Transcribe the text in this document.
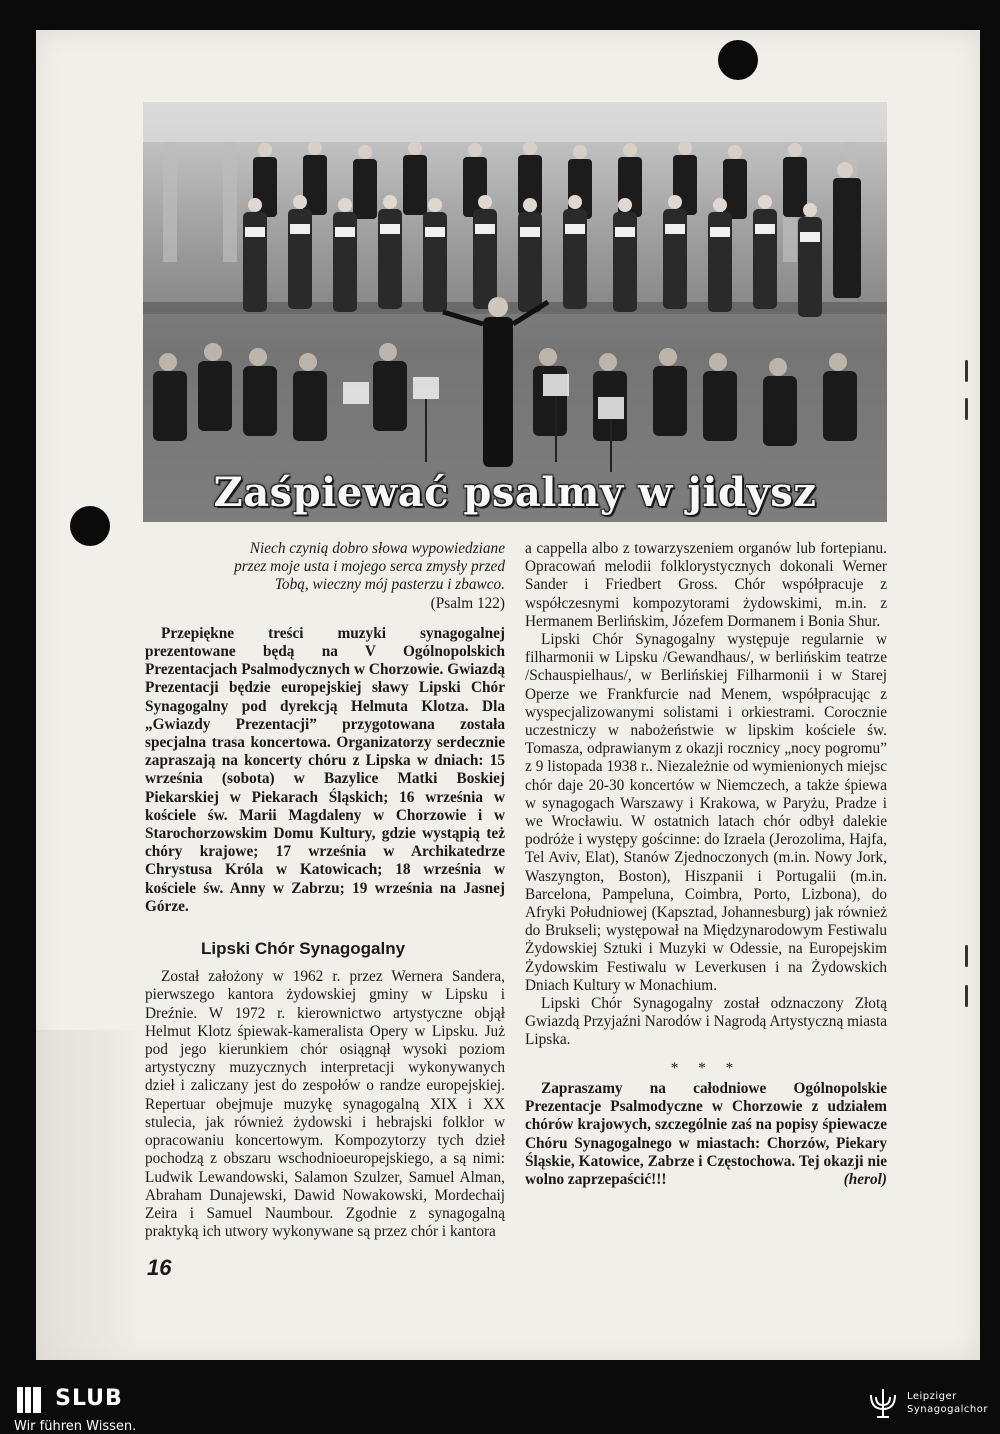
Zaśpiewać psalmy w jidysz
Niech czynią dobro słowa wypowiedziane
przez moje usta i mojego serca zmysły przed
Tobą, wieczny mój pasterzu i zbawco.
(Psalm 122)

Przepiękne treści muzyki synagogalnej prezentowane będą na V Ogólnopolskich Prezentacjach Psalmodycznych w Chorzowie. Gwiazdą Prezentacji będzie europejskiej sławy Lipski Chór Synagogalny pod dyrekcją Helmuta Klotza. Dla „Gwiazdy Prezentacji” przygotowana została specjalna trasa koncertowa. Organizatorzy serdecznie zapraszają na koncerty chóru z Lipska w dniach: 15 września (sobota) w Bazylice Matki Boskiej Piekarskiej w Piekarach Śląskich; 16 września w kościele św. Marii Magdaleny w Chorzowie i w Starochorzowskim Domu Kultury, gdzie wystąpią też chóry krajowe; 17 września w Archikatedrze Chrystusa Króla w Katowicach; 18 września w kościele św. Anny w Zabrzu; 19 września na Jasnej Górze.

Lipski Chór Synagogalny

Został założony w 1962 r. przez Wernera Sandera, pierwszego kantora żydowskiej gminy w Lipsku i Dreźnie. W 1972 r. kierownictwo artystyczne objął Helmut Klotz śpiewak-kameralista Opery w Lipsku. Już pod jego kierunkiem chór osiągnął wysoki poziom artystyczny muzycznych interpretacji wykonywanych dzieł i zaliczany jest do zespołów o randze europejskiej. Repertuar obejmuje muzykę synagogalną XIX i XX stulecia, jak również żydowski i hebrajski folklor w opracowaniu koncertowym. Kompozytorzy tych dzieł pochodzą z obszaru wschodnioeuropejskiego, a są nimi: Ludwik Lewandowski, Salamon Szulzer, Samuel Alman, Abraham Dunajewski, Dawid Nowakowski, Mordechaij Zeira i Samuel Naumbour. Zgodnie z synagogalną praktyką ich utwory wykonywane są przez chór i kantora

a cappella albo z towarzyszeniem organów lub fortepianu. Opracowań melodii folklorystycznych dokonali Werner Sander i Friedbert Gross. Chór współpracuje z współczesnymi kompozytorami żydowskimi, m.in. z Hermanem Berlińskim, Józefem Dormanem i Bonia Shur.

Lipski Chór Synagogalny występuje regularnie w filharmonii w Lipsku /Gewandhaus/, w berlińskim teatrze /Schauspielhaus/, w Berlińskiej Filharmonii i w Starej Operze we Frankfurcie nad Menem, współpracując z wyspecjalizowanymi solistami i orkiestrami. Corocznie uczestniczy w nabożeństwie w lipskim kościele św. Tomasza, odprawianym z okazji rocznicy „nocy pogromu” z 9 listopada 1938 r.. Niezależnie od wymienionych miejsc chór daje 20-30 koncertów w Niemczech, a także śpiewa w synagogach Warszawy i Krakowa, w Paryżu, Pradze i we Wrocławiu. W ostatnich latach chór odbył dalekie podróże i występy gościnne: do Izraela (Jerozolima, Hajfa, Tel Aviv, Elat), Stanów Zjednoczonych (m.in. Nowy Jork, Waszyngton, Boston), Hiszpanii i Portugalii (m.in. Barcelona, Pampeluna, Coimbra, Porto, Lizbona), do Afryki Południowej (Kapsztad, Johannesburg) jak również do Brukseli; występował na Międzynarodowym Festiwalu Żydowskiej Sztuki i Muzyki w Odessie, na Europejskim Żydowskim Festiwalu w Leverkusen i na Żydowskich Dniach Kultury w Monachium.

Lipski Chór Synagogalny został odznaczony Złotą Gwiazdą Przyjaźni Narodów i Nagrodą Artystyczną miasta Lipska.

* * *

Zapraszamy na całodniowe Ogólnopolskie Prezentacje Psalmodyczne w Chorzowie z udziałem chórów krajowych, szczególnie zaś na popisy śpiewacze Chóru Synagogalnego w miastach: Chorzów, Piekary Śląskie, Katowice, Zabrze i Częstochowa. Tej okazji nie wolno zaprzepaścić!!!	(herol)
16
SLUB
Wir führen Wissen.
Leipziger
Synagogalchor
